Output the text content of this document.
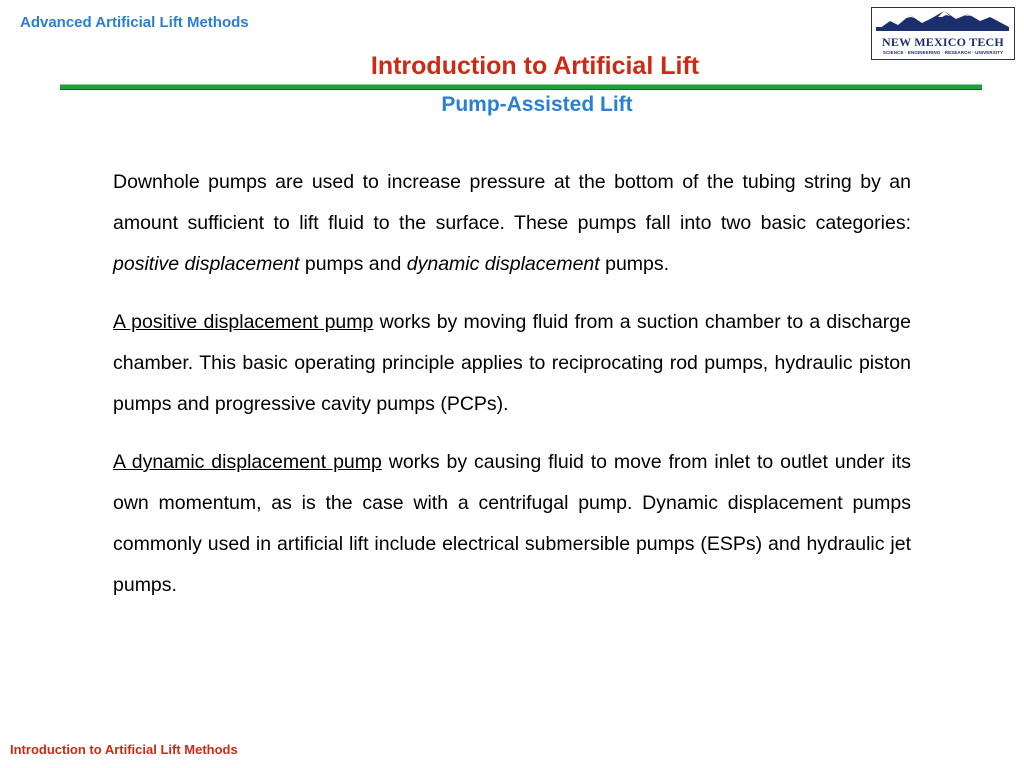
Advanced Artificial Lift Methods
NEW MEXICO TECH
SCIENCE · ENGINEERING · RESEARCH · UNIVERSITY
Introduction to Artificial Lift
Pump-Assisted Lift

Downhole pumps are used to increase pressure at the bottom of the tubing string by an amount sufficient to lift fluid to the surface. These pumps fall into two basic categories: positive displacement pumps and dynamic displacement pumps.

A positive displacement pump works by moving fluid from a suction chamber to a discharge chamber. This basic operating principle applies to reciprocating rod pumps, hydraulic piston pumps and progressive cavity pumps (PCPs).

A dynamic displacement pump works by causing fluid to move from inlet to outlet under its own momentum, as is the case with a centrifugal pump. Dynamic displacement pumps commonly used in artificial lift include electrical submersible pumps (ESPs) and hydraulic jet pumps.

Introduction to Artificial Lift Methods
